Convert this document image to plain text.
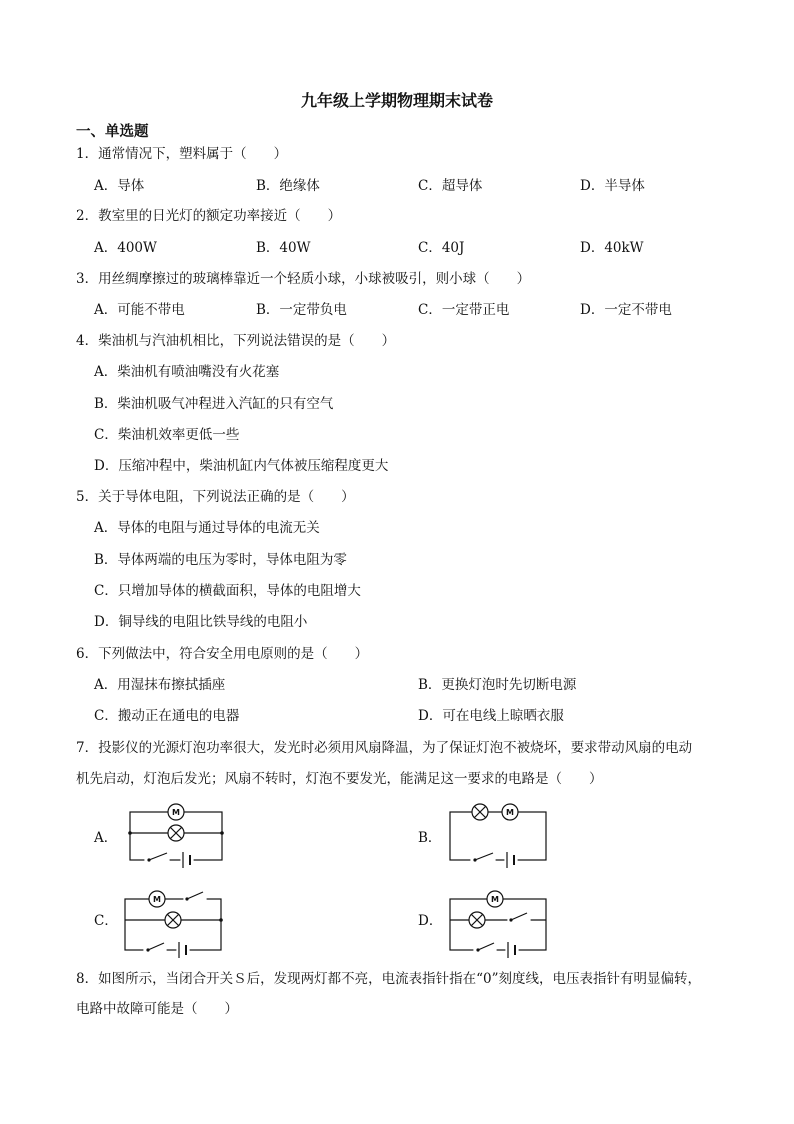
九年级上学期物理期末试卷
一、单选题
1．通常情况下，塑料属于（　　）
A．导体	B．绝缘体	C．超导体	D．半导体
2．教室里的日光灯的额定功率接近（　　）
A．400W	B．40W	C．40J	D．40kW
3．用丝绸摩擦过的玻璃棒靠近一个轻质小球，小球被吸引，则小球（　　）
A．可能不带电	B．一定带负电	C．一定带正电	D．一定不带电
4．柴油机与汽油机相比，下列说法错误的是（　　）
A．柴油机有喷油嘴没有火花塞
B．柴油机吸气冲程进入汽缸的只有空气
C．柴油机效率更低一些
D．压缩冲程中，柴油机缸内气体被压缩程度更大
5．关于导体电阻，下列说法正确的是（　　）
A．导体的电阻与通过导体的电流无关
B．导体两端的电压为零时，导体电阻为零
C．只增加导体的横截面积，导体的电阻增大
D．铜导线的电阻比铁导线的电阻小
6．下列做法中，符合安全用电原则的是（　　）
A．用湿抹布擦拭插座	B．更换灯泡时先切断电源
C．搬动正在通电的电器	D．可在电线上晾晒衣服
7．投影仪的光源灯泡功率很大，发光时必须用风扇降温，为了保证灯泡不被烧坏，要求带动风扇的电动
机先启动，灯泡后发光；风扇不转时，灯泡不要发光，能满足这一要求的电路是（　　）
A．	B．
C．	D．
M	M
M	M
8．如图所示，当闭合开关Ｓ后，发现两灯都不亮，电流表指针指在“0”刻度线，电压表指针有明显偏转，
电路中故障可能是（　　）
